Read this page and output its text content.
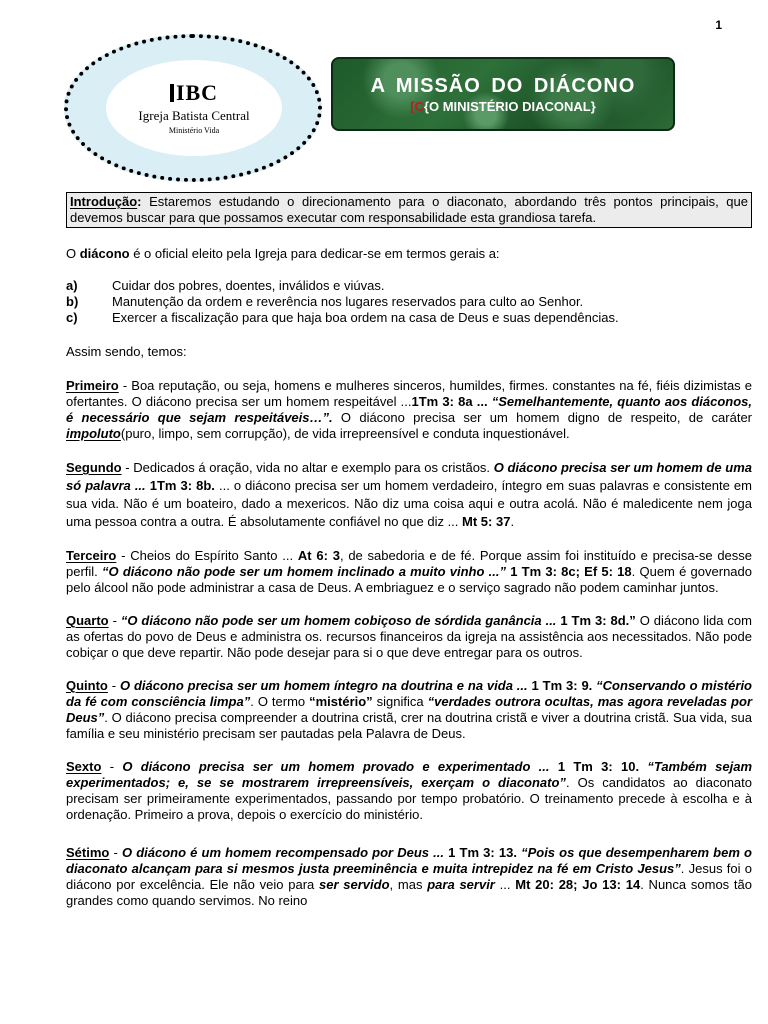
1
IBC
Igreja Batista Central
Ministério Vida
A MISSÃO DO DIÁCONO
[C{O MINISTÉRIO DIACONAL}
Introdução: Estaremos estudando o direcionamento para o diaconato, abordando três pontos principais, que devemos buscar para que possamos executar com responsabilidade esta grandiosa tarefa.

O diácono é o oficial eleito pela Igreja para dedicar-se em termos gerais a:

a)	Cuidar dos pobres, doentes, inválidos e viúvas.
b)	Manutenção da ordem e reverência nos lugares reservados para culto ao Senhor.
c)	Exercer a fiscalização para que haja boa ordem na casa de Deus e suas dependências.

Assim sendo, temos:

Primeiro - Boa reputação, ou seja, homens e mulheres sinceros, humildes, firmes. constantes na fé, fiéis dizimistas e ofertantes. O diácono precisa ser um homem respeitável ...1Tm 3: 8a ... “Semelhantemente, quanto aos diáconos, é necessário que sejam respeitáveis…”. O diácono precisa ser um homem digno de respeito, de caráter impoluto(puro, limpo, sem corrupção), de vida irrepreensível e conduta inquestionável.

Segundo - Dedicados á oração, vida no altar e exemplo para os cristãos. O diácono precisa ser um homem de uma só palavra ... 1Tm 3: 8b. ... o diácono precisa ser um homem verdadeiro, íntegro em suas palavras e consistente em sua vida. Não é um boateiro, dado a mexericos. Não diz uma coisa aqui e outra acolá. Não é maledicente nem joga uma pessoa contra a outra. É absolutamente confiável no que diz ... Mt 5: 37.

Terceiro - Cheios do Espírito Santo ... At 6: 3, de sabedoria e de fé. Porque assim foi instituído e precisa-se desse perfil. “O diácono não pode ser um homem inclinado a muito vinho ...” 1 Tm 3: 8c; Ef 5: 18. Quem é governado pelo álcool não pode administrar a casa de Deus. A embriaguez e o serviço sagrado não podem caminhar juntos.

Quarto - “O diácono não pode ser um homem cobiçoso de sórdida ganância ... 1 Tm 3: 8d.” O diácono lida com as ofertas do povo de Deus e administra os. recursos financeiros da igreja na assistência aos necessitados. Não pode cobiçar o que deve repartir. Não pode desejar para si o que deve entregar para os outros.

Quinto - O diácono precisa ser um homem íntegro na doutrina e na vida ... 1 Tm 3: 9. “Conservando o mistério da fé com consciência limpa”. O termo “mistério” significa “verdades outrora ocultas, mas agora reveladas por Deus”. O diácono precisa compreender a doutrina cristã, crer na doutrina cristã e viver a doutrina cristã. Sua vida, sua família e seu ministério precisam ser pautadas pela Palavra de Deus.

Sexto - O diácono precisa ser um homem provado e experimentado ... 1 Tm 3: 10. “Também sejam experimentados; e, se se mostrarem irrepreensíveis, exerçam o diaconato”. Os candidatos ao diaconato precisam ser primeiramente experimentados, passando por tempo probatório. O treinamento precede à escolha e à ordenação. Primeiro a prova, depois o exercício do ministério.

Sétimo - O diácono é um homem recompensado por Deus ... 1 Tm 3: 13. “Pois os que desempenharem bem o diaconato alcançam para si mesmos justa preeminência e muita intrepidez na fé em Cristo Jesus”. Jesus foi o diácono por excelência. Ele não veio para ser servido, mas para servir ... Mt 20: 28; Jo 13: 14. Nunca somos tão grandes como quando servimos. No reino
